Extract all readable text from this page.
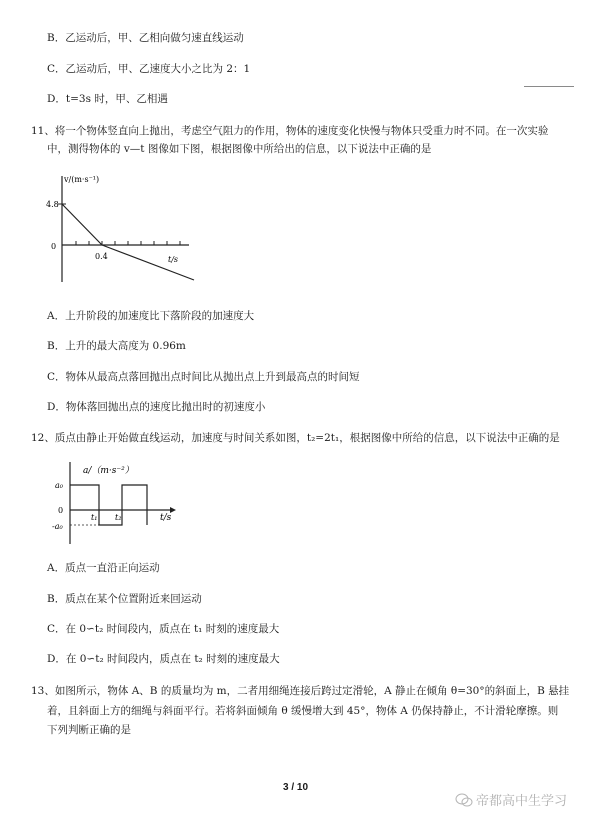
B．乙运动后，甲、乙相向做匀速直线运动
C．乙运动后，甲、乙速度大小之比为 2：1
D．t=3s 时，甲、乙相遇
11、将一个物体竖直向上抛出，考虑空气阻力的作用，物体的速度变化快慢与物体只受重力时不同。在一次实验
中，测得物体的 v—t 图像如下图，根据图像中所给出的信息，以下说法中正确的是
v/(m·s⁻¹)
4.8
0
0.4	t/s
A．上升阶段的加速度比下落阶段的加速度大
B．上升的最大高度为 0.96m
C．物体从最高点落回抛出点时间比从抛出点上升到最高点的时间短
D．物体落回抛出点的速度比抛出时的初速度小
12、质点由静止开始做直线运动，加速度与时间关系如图，t₂=2t₁，根据图像中所给的信息，以下说法中正确的是
a/（m·s⁻²）
a₀
0
-a₀
t₁ t₂	t/s
A．质点一直沿正向运动
B．质点在某个位置附近来回运动
C．在 0∽t₂ 时间段内，质点在 t₁ 时刻的速度最大
D．在 0∽t₂ 时间段内，质点在 t₂ 时刻的速度最大
13、如图所示，物体 A、B 的质量均为 m，二者用细绳连接后跨过定滑轮，A 静止在倾角 θ=30°的斜面上，B 悬挂
着，且斜面上方的细绳与斜面平行。若将斜面倾角 θ 缓慢增大到 45°，物体 A 仍保持静止，不计滑轮摩擦。则
下列判断正确的是
3 / 10
帝都高中生学习
